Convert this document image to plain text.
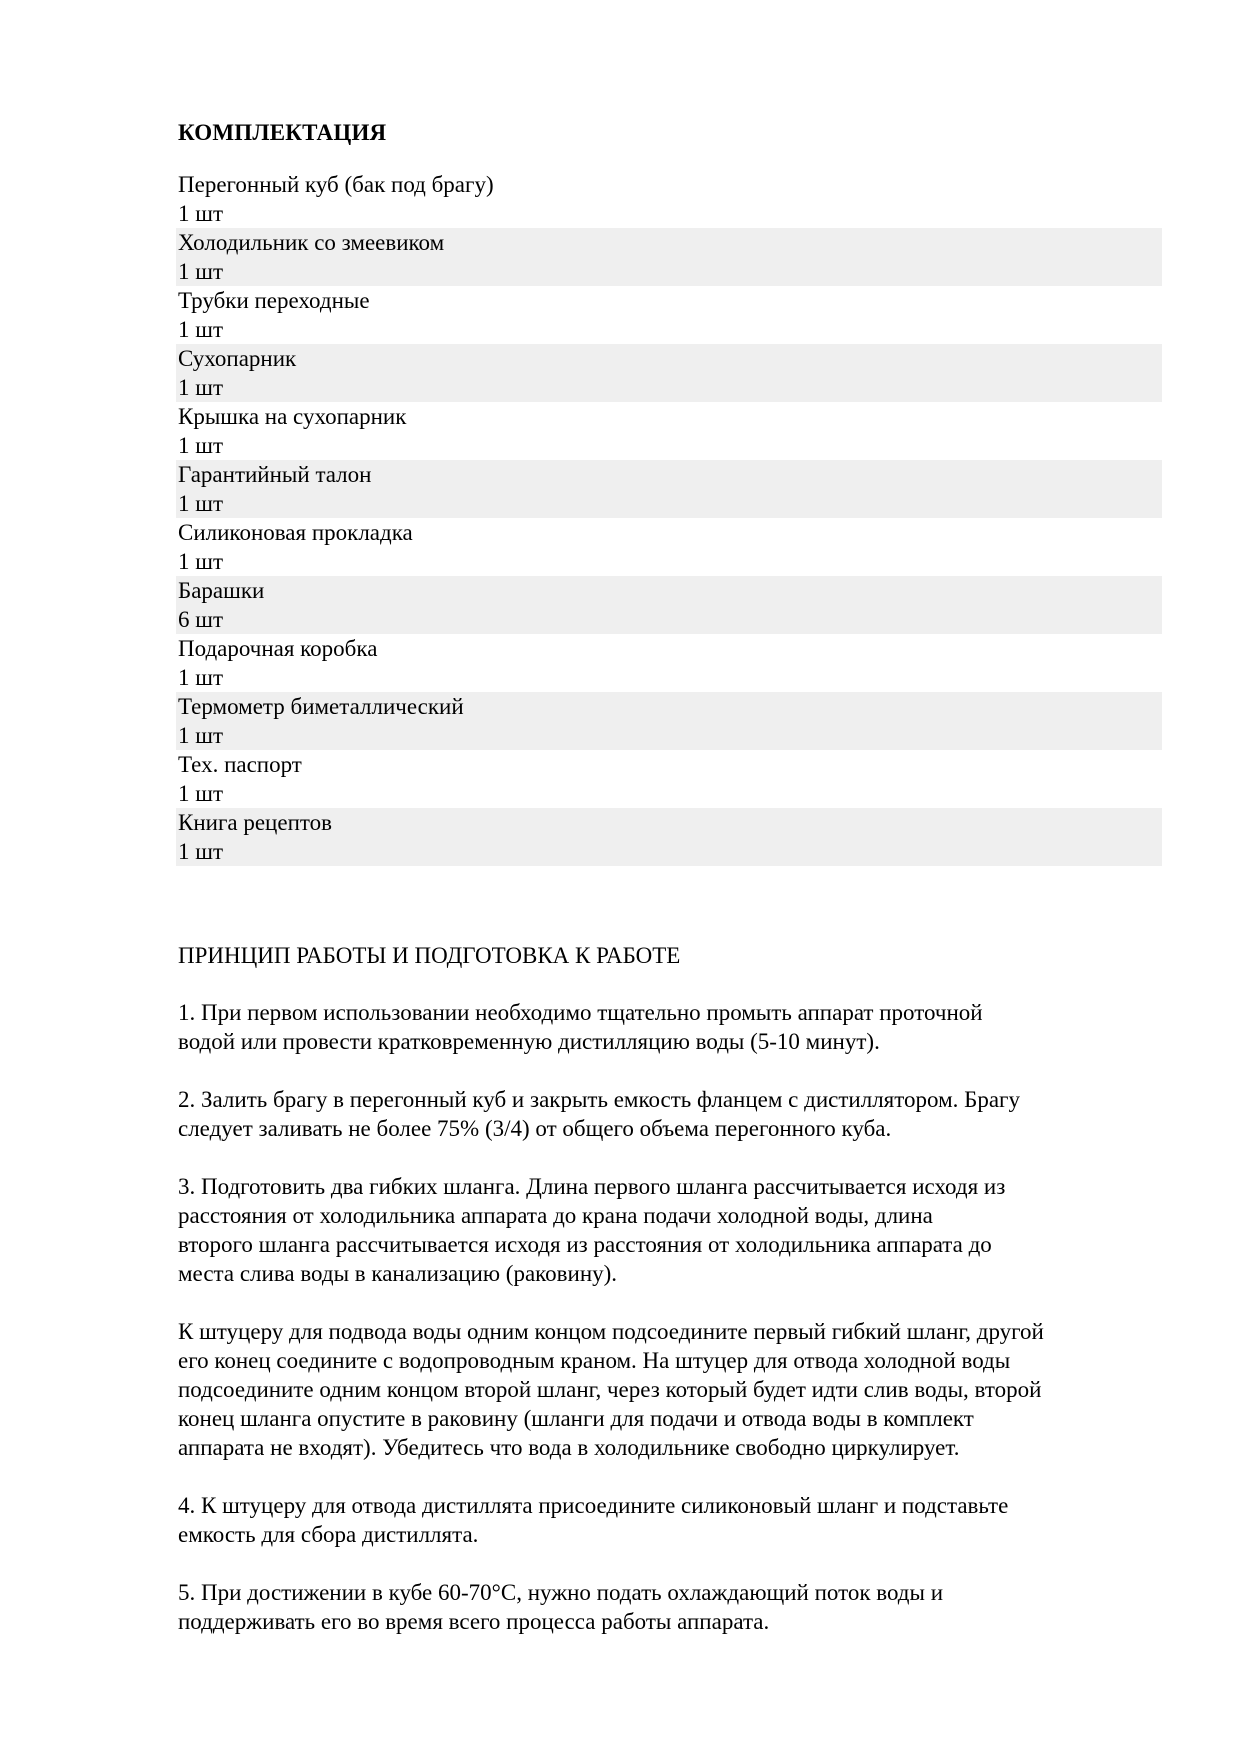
КОМПЛЕКТАЦИЯ
Перегонный куб (бак под брагу)
1 шт
Холодильник со змеевиком
1 шт
Трубки переходные
1 шт
Сухопарник
1 шт
Крышка на сухопарник
1 шт
Гарантийный талон
1 шт
Силиконовая прокладка
1 шт
Барашки
6 шт
Подарочная коробка
1 шт
Термометр биметаллический
1 шт
Тех. паспорт
1 шт
Книга рецептов
1 шт
ПРИНЦИП РАБОТЫ И ПОДГОТОВКА К РАБОТЕ

1. При первом использовании необходимо тщательно промыть аппарат проточной
водой или провести кратковременную дистилляцию воды (5-10 минут).

2. Залить брагу в перегонный куб и закрыть емкость фланцем с дистиллятором. Брагу
следует заливать не более 75% (3/4) от общего объема перегонного куба.

3. Подготовить два гибких шланга. Длина первого шланга рассчитывается исходя из
расстояния от холодильника аппарата до крана подачи холодной воды, длина
второго шланга рассчитывается исходя из расстояния от холодильника аппарата до
места слива воды в канализацию (раковину).

К штуцеру для подвода воды одним концом подсоедините первый гибкий шланг, другой
его конец соедините с водопроводным краном. На штуцер для отвода холодной воды
подсоедините одним концом второй шланг, через который будет идти слив воды, второй
конец шланга опустите в раковину (шланги для подачи и отвода воды в комплект
аппарата не входят). Убедитесь что вода в холодильнике свободно циркулирует.

4. К штуцеру для отвода дистиллята присоедините силиконовый шланг и подставьте
емкость для сбора дистиллята.

5. При достижении в кубе 60-70°С, нужно подать охлаждающий поток воды и
поддерживать его во время всего процесса работы аппарата.
